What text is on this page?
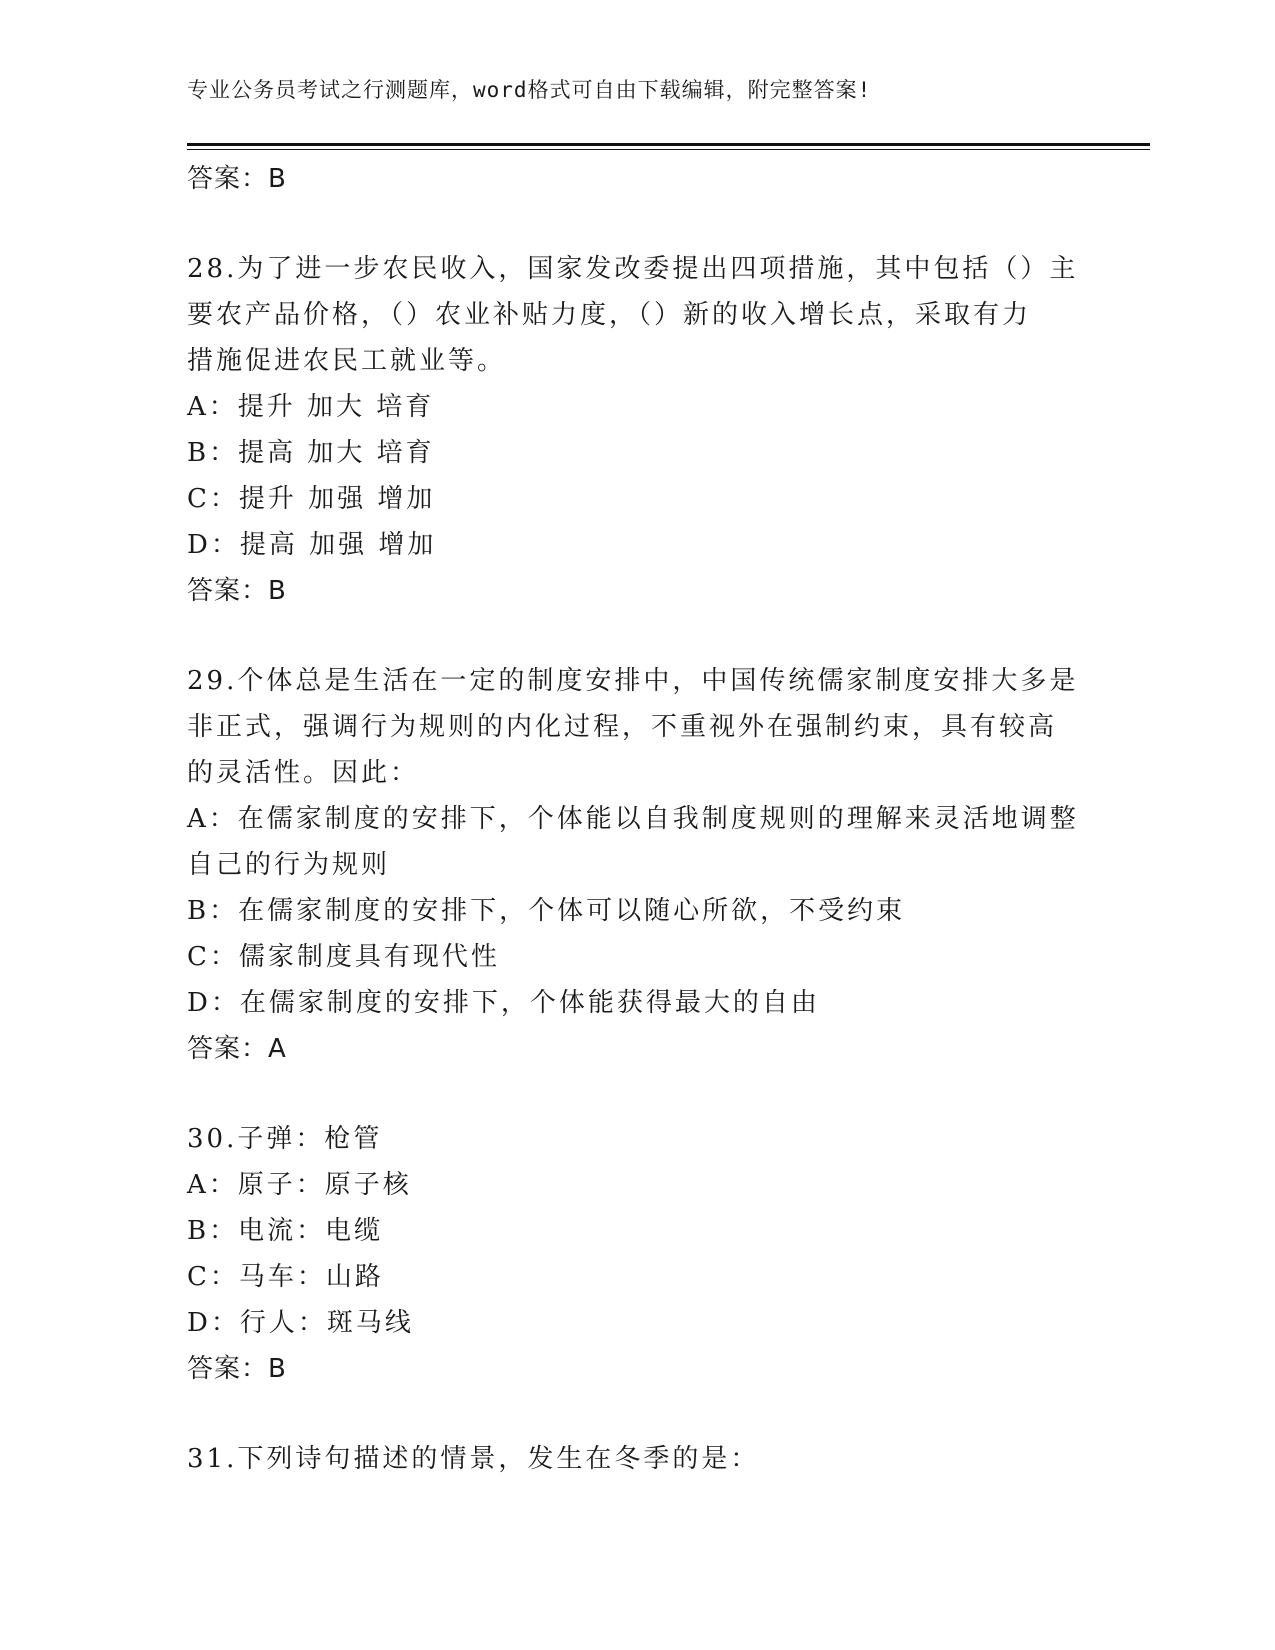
专业公务员考试之行测题库，word格式可自由下载编辑，附完整答案!

答案：B

28.为了进一步农民收入，国家发改委提出四项措施，其中包括（）主

要农产品价格，（）农业补贴力度，（）新的收入增长点，采取有力

措施促进农民工就业等。

A：提升 加大 培育

B：提高 加大 培育

C：提升 加强 增加

D：提高 加强 增加

答案：B

29.个体总是生活在一定的制度安排中，中国传统儒家制度安排大多是

非正式，强调行为规则的内化过程，不重视外在强制约束，具有较高

的灵活性。因此：

A：在儒家制度的安排下，个体能以自我制度规则的理解来灵活地调整

自己的行为规则

B：在儒家制度的安排下，个体可以随心所欲，不受约束

C：儒家制度具有现代性

D：在儒家制度的安排下，个体能获得最大的自由

答案：A

30.子弹：枪管

A：原子：原子核

B：电流：电缆

C：马车：山路

D：行人：斑马线

答案：B

31.下列诗句描述的情景，发生在冬季的是：
